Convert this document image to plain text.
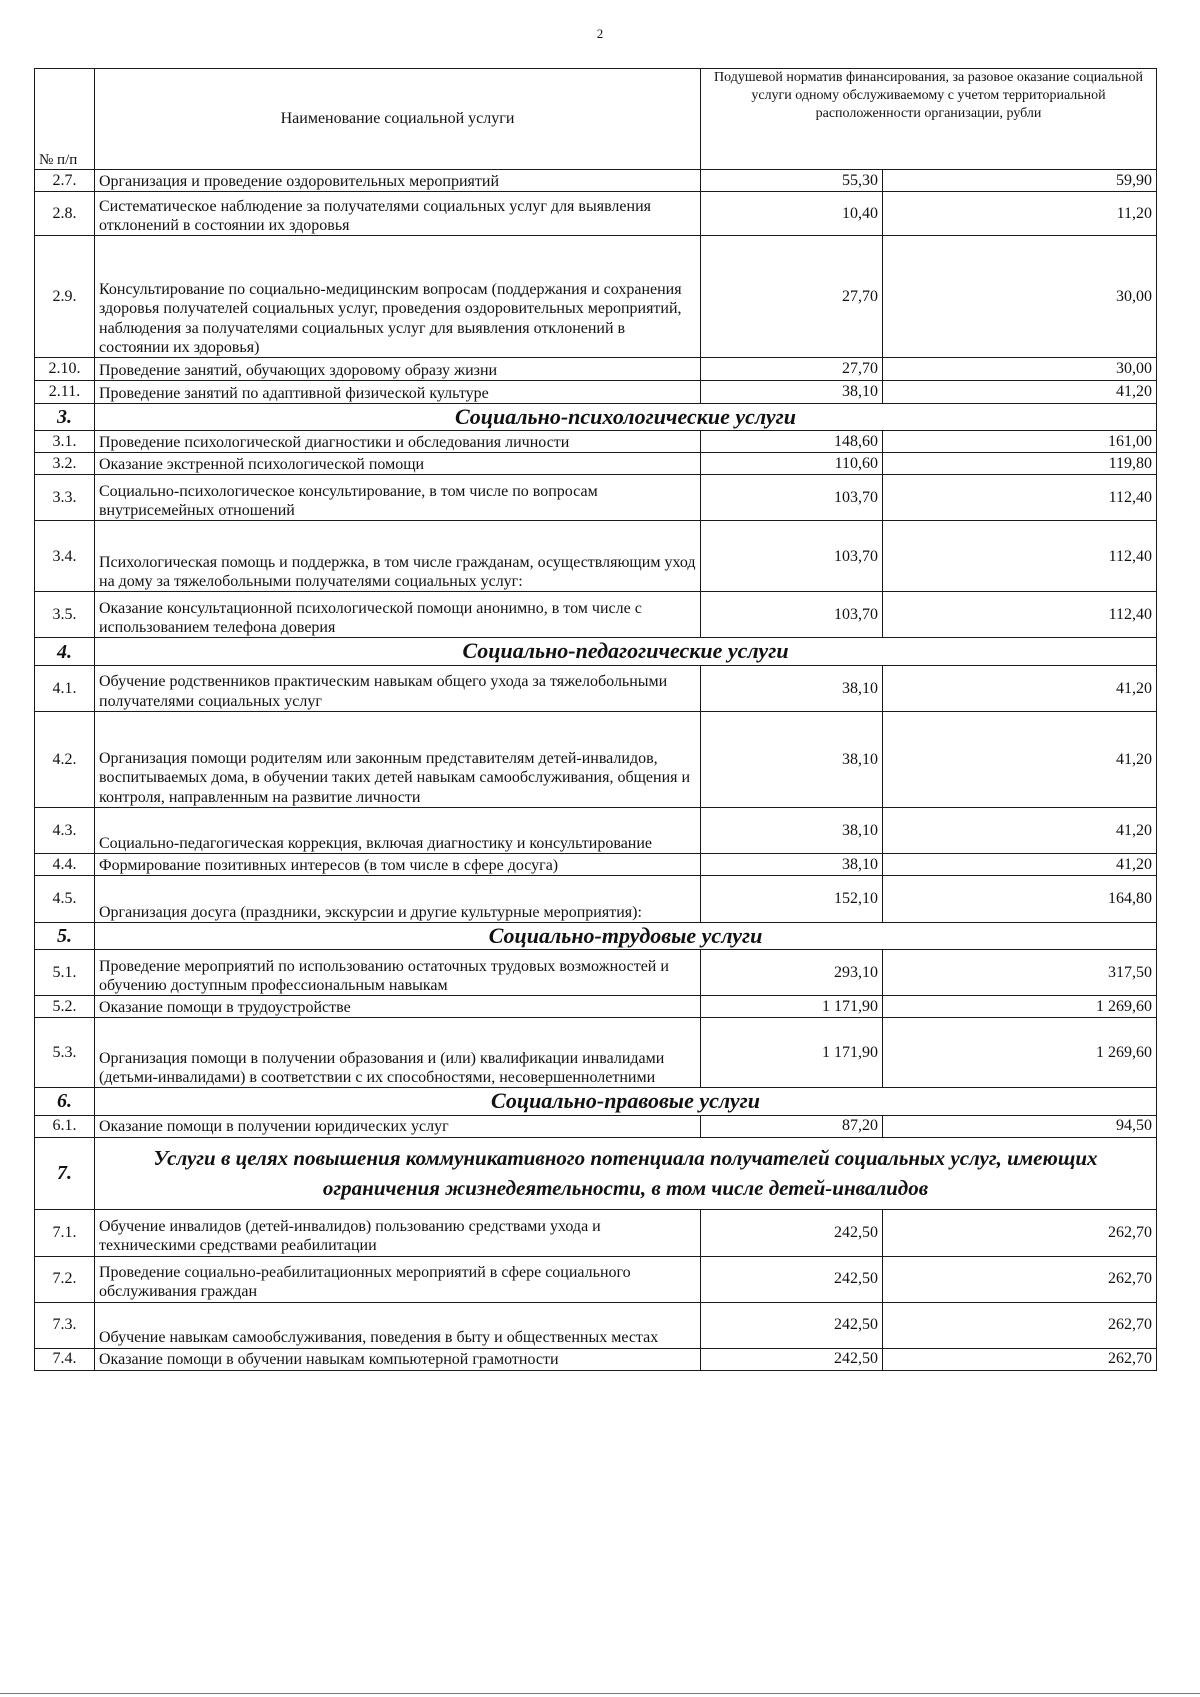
2
№ п/п	Наименование социальной услуги	Подушевой норматив финансирования, за разовое оказание социальной услуги одному обслуживаемому с учетом территориальной расположенности организации, рубли	
2.7.	Организация и проведение оздоровительных мероприятий	55,30	59,90
2.8.	Систематическое наблюдение за получателями социальных услуг для выявления отклонений в состоянии их здоровья	10,40	11,20
2.9.	Консультирование по социально-медицинским вопросам (поддержания и сохранения здоровья получателей социальных услуг, проведения оздоровительных мероприятий, наблюдения за получателями социальных услуг для выявления отклонений в состоянии их здоровья)	27,70	30,00
2.10.	Проведение занятий, обучающих здоровому образу жизни	27,70	30,00
2.11.	Проведение занятий по адаптивной физической культуре	38,10	41,20
3.	Социально-психологические услуги		
3.1.	Проведение психологической диагностики и обследования личности	148,60	161,00
3.2.	Оказание экстренной психологической помощи	110,60	119,80
3.3.	Социально-психологическое консультирование, в том числе по вопросам внутрисемейных отношений	103,70	112,40
3.4.	Психологическая помощь и поддержка, в том числе гражданам, осуществляющим уход на дому за тяжелобольными получателями социальных услуг:	103,70	112,40
3.5.	Оказание консультационной психологической помощи анонимно, в том числе с использованием телефона доверия	103,70	112,40
4.	Социально-педагогические услуги		
4.1.	Обучение родственников практическим навыкам общего ухода за тяжелобольными получателями социальных услуг	38,10	41,20
4.2.	Организация помощи родителям или законным представителям детей-инвалидов, воспитываемых дома, в обучении таких детей навыкам самообслуживания, общения и контроля, направленным на развитие личности	38,10	41,20
4.3.	Социально-педагогическая коррекция, включая диагностику и консультирование	38,10	41,20
4.4.	Формирование позитивных интересов (в том числе в сфере досуга)	38,10	41,20
4.5.	Организация досуга (праздники, экскурсии и другие культурные мероприятия):	152,10	164,80
5.	Социально-трудовые услуги		
5.1.	Проведение мероприятий по использованию остаточных трудовых возможностей и обучению доступным профессиональным навыкам	293,10	317,50
5.2.	Оказание помощи в трудоустройстве	1 171,90	1 269,60
5.3.	Организация помощи в получении образования и (или) квалификации инвалидами (детьми-инвалидами) в соответствии с их способностями, несовершеннолетними	1 171,90	1 269,60
6.	Социально-правовые услуги		
6.1.	Оказание помощи в получении юридических услуг	87,20	94,50
7.	Услуги в целях повышения коммуникативного потенциала получателей социальных услуг, имеющих ограничения жизнедеятельности, в том числе детей-инвалидов		
7.1.	Обучение инвалидов (детей-инвалидов) пользованию средствами ухода и техническими средствами реабилитации	242,50	262,70
7.2.	Проведение социально-реабилитационных мероприятий в сфере социального обслуживания граждан	242,50	262,70
7.3.	Обучение навыкам самообслуживания, поведения в быту и общественных местах	242,50	262,70
7.4.	Оказание помощи в обучении навыкам компьютерной грамотности	242,50	262,70
